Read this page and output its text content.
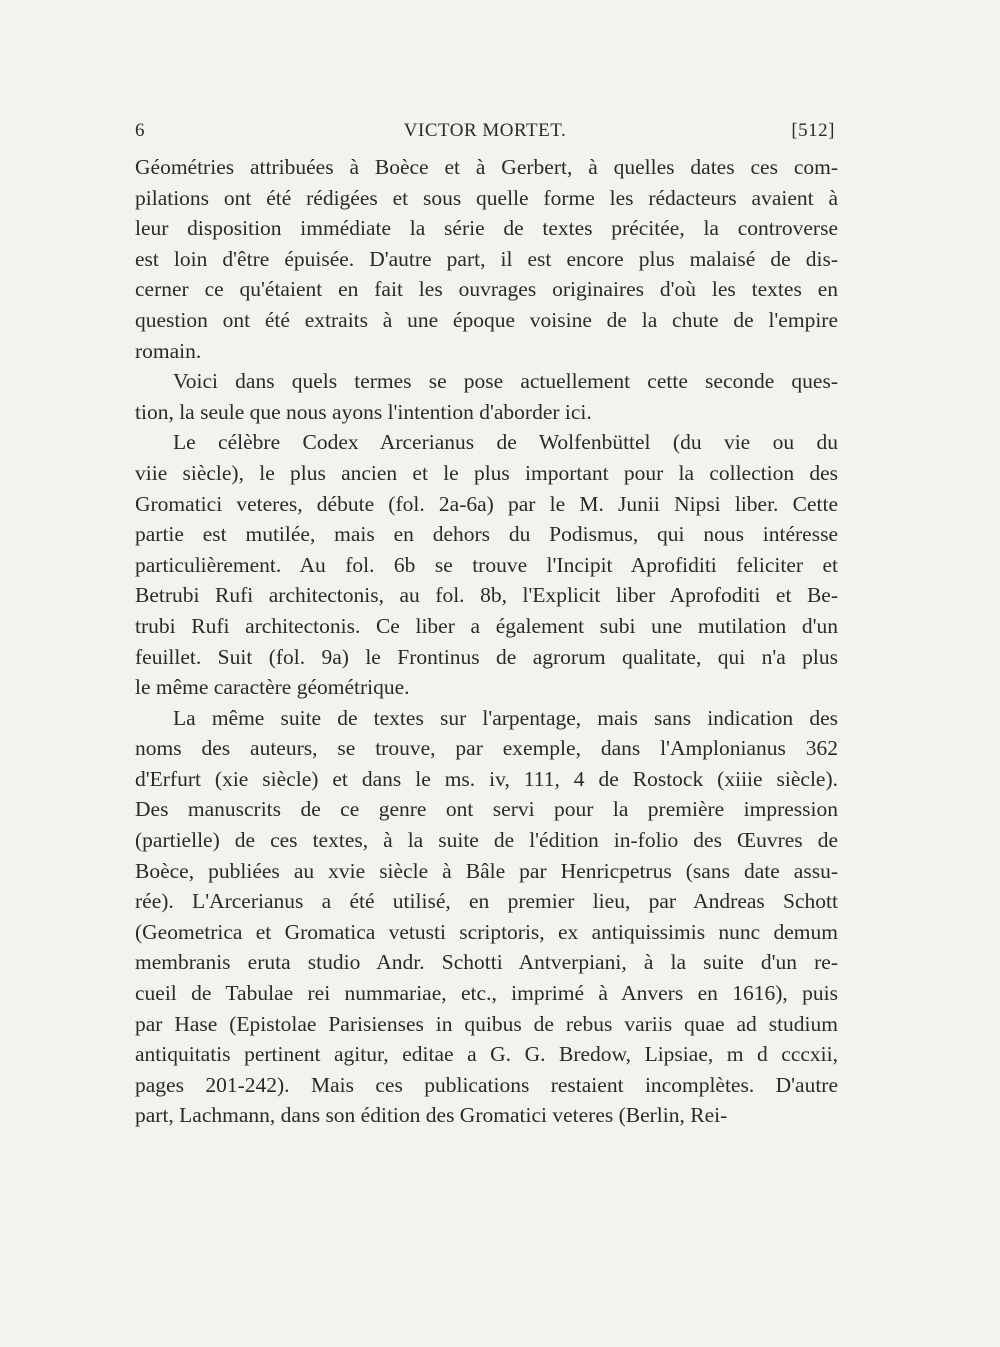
6	VICTOR MORTET.	[512]
Géométries attribuées à Boèce et à Gerbert, à quelles dates ces com-
pilations ont été rédigées et sous quelle forme les rédacteurs avaient à
leur disposition immédiate la série de textes précitée, la controverse
est loin d'être épuisée. D'autre part, il est encore plus malaisé de dis-
cerner ce qu'étaient en fait les ouvrages originaires d'où les textes en
question ont été extraits à une époque voisine de la chute de l'empire
romain.
Voici dans quels termes se pose actuellement cette seconde ques-
tion, la seule que nous ayons l'intention d'aborder ici.
Le célèbre Codex Arcerianus de Wolfenbüttel (du vie ou du
viie siècle), le plus ancien et le plus important pour la collection des
Gromatici veteres, débute (fol. 2a-6a) par le M. Junii Nipsi liber. Cette
partie est mutilée, mais en dehors du Podismus, qui nous intéresse
particulièrement. Au fol. 6b se trouve l'Incipit Aprofiditi feliciter et
Betrubi Rufi architectonis, au fol. 8b, l'Explicit liber Aprofoditi et Be-
trubi Rufi architectonis. Ce liber a également subi une mutilation d'un
feuillet. Suit (fol. 9a) le Frontinus de agrorum qualitate, qui n'a plus
le même caractère géométrique.
La même suite de textes sur l'arpentage, mais sans indication des
noms des auteurs, se trouve, par exemple, dans l'Amplonianus 362
d'Erfurt (xie siècle) et dans le ms. iv, 111, 4 de Rostock (xiiie siècle).
Des manuscrits de ce genre ont servi pour la première impression
(partielle) de ces textes, à la suite de l'édition in-folio des Œuvres de
Boèce, publiées au xvie siècle à Bâle par Henricpetrus (sans date assu-
rée). L'Arcerianus a été utilisé, en premier lieu, par Andreas Schott
(Geometrica et Gromatica vetusti scriptoris, ex antiquissimis nunc demum
membranis eruta studio Andr. Schotti Antverpiani, à la suite d'un re-
cueil de Tabulae rei nummariae, etc., imprimé à Anvers en 1616), puis
par Hase (Epistolae Parisienses in quibus de rebus variis quae ad studium
antiquitatis pertinent agitur, editae a G. G. Bredow, Lipsiae, m d cccxii,
pages 201-242). Mais ces publications restaient incomplètes. D'autre
part, Lachmann, dans son édition des Gromatici veteres (Berlin, Rei-
